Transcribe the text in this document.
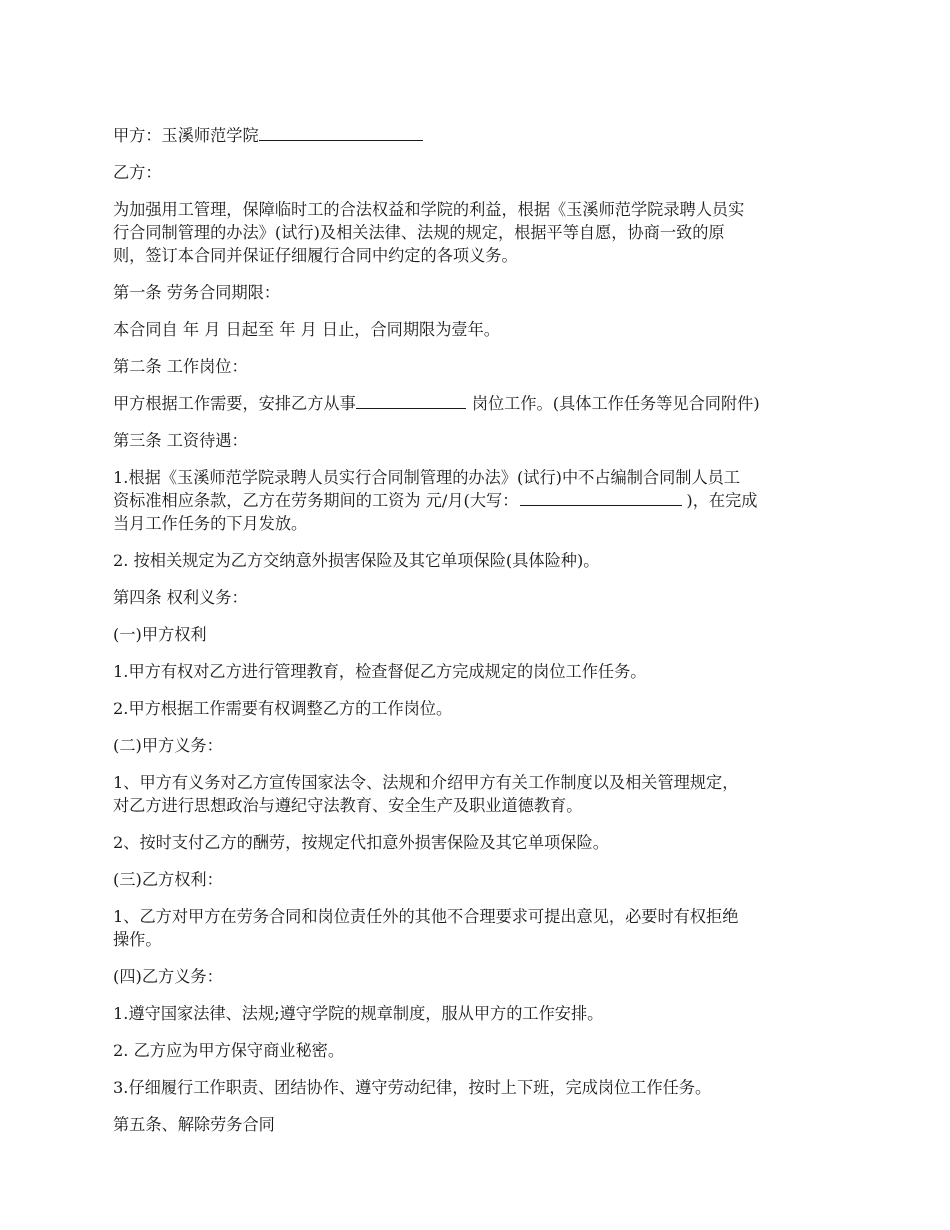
甲方：玉溪师范学院

乙方：

为加强用工管理，保障临时工的合法权益和学院的利益，根据《玉溪师范学院录聘人员实
行合同制管理的办法》(试行)及相关法律、法规的规定，根据平等自愿，协商一致的原
则，签订本合同并保证仔细履行合同中约定的各项义务。

第一条 劳务合同期限：

本合同自 年 月 日起至 年 月 日止，合同期限为壹年。

第二条 工作岗位：

甲方根据工作需要，安排乙方从事	岗位工作。(具体工作任务等见合同附件)

第三条 工资待遇：

1.根据《玉溪师范学院录聘人员实行合同制管理的办法》(试行)中不占编制合同制人员工
资标准相应条款，乙方在劳务期间的工资为 元/月(大写：	)，在完成
当月工作任务的下月发放。

2. 按相关规定为乙方交纳意外损害保险及其它单项保险(具体险种)。

第四条 权利义务：

(一)甲方权利

1.甲方有权对乙方进行管理教育，检查督促乙方完成规定的岗位工作任务。

2.甲方根据工作需要有权调整乙方的工作岗位。

(二)甲方义务：

1、甲方有义务对乙方宣传国家法令、法规和介绍甲方有关工作制度以及相关管理规定，
对乙方进行思想政治与遵纪守法教育、安全生产及职业道德教育。

2、按时支付乙方的酬劳，按规定代扣意外损害保险及其它单项保险。

(三)乙方权利：

1、乙方对甲方在劳务合同和岗位责任外的其他不合理要求可提出意见，必要时有权拒绝
操作。

(四)乙方义务：

1.遵守国家法律、法规;遵守学院的规章制度，服从甲方的工作安排。

2. 乙方应为甲方保守商业秘密。

3.仔细履行工作职责、团结协作、遵守劳动纪律，按时上下班，完成岗位工作任务。

第五条、解除劳务合同
